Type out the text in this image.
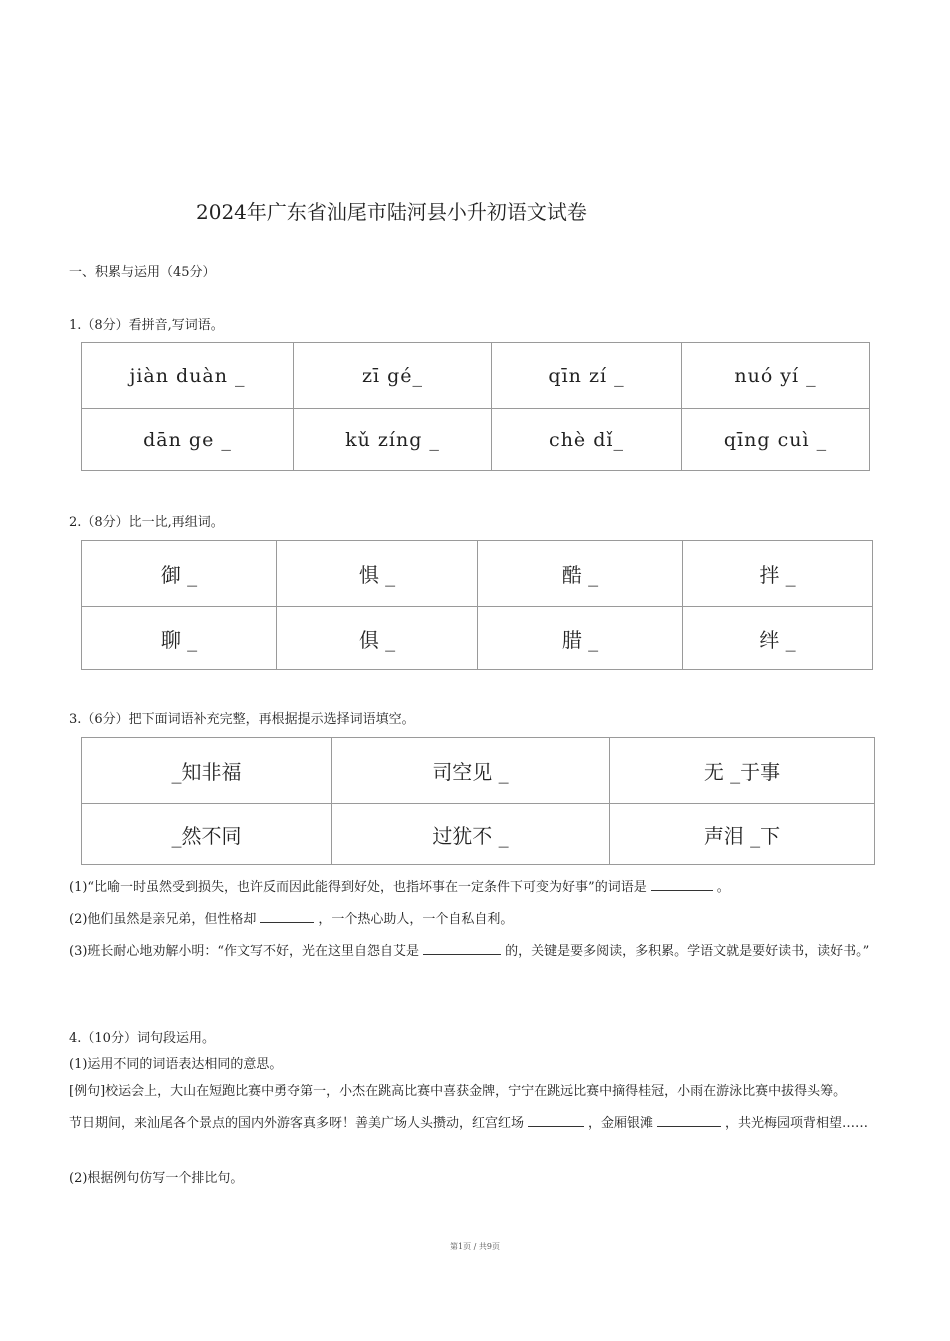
2024年广东省汕尾市陆河县小升初语文试卷
一、积累与运用（45分）
1.（8分）看拼音,写词语。
jiàn duàn _	zī gé_	qīn zí _	nuó yí _
dān ge _	kǔ zíng _	chè dǐ_	qīng cuì _
2.（8分）比一比,再组词。
御 _	惧 _	酷 _	拌 _
聊 _	俱 _	腊 _	绊 _
3.（6分）把下面词语补充完整，再根据提示选择词语填空。
_知非福	司空见 _	无 _于事
_然不同	过犹不 _	声泪 _下
(1)“比喻一时虽然受到损失，也许反而因此能得到好处，也指坏事在一定条件下可变为好事”的词语是	。
(2)他们虽然是亲兄弟，但性格却	，一个热心助人，一个自私自利。
(3)班长耐心地劝解小明：“作文写不好，光在这里自怨自艾是	的，关键是要多阅读，多积累。学语文就是要好读书，读好书。”
4.（10分）词句段运用。
(1)运用不同的词语表达相同的意思。
[例句]校运会上，大山在短跑比赛中勇夺第一，小杰在跳高比赛中喜获金牌，宁宁在跳远比赛中摘得桂冠，小雨在游泳比赛中拔得头筹。
节日期间，来汕尾各个景点的国内外游客真多呀！善美广场人头攒动，红宫红场	，金厢银滩	，共光梅园项背相望……
(2)根据例句仿写一个排比句。
第1页 / 共9页
